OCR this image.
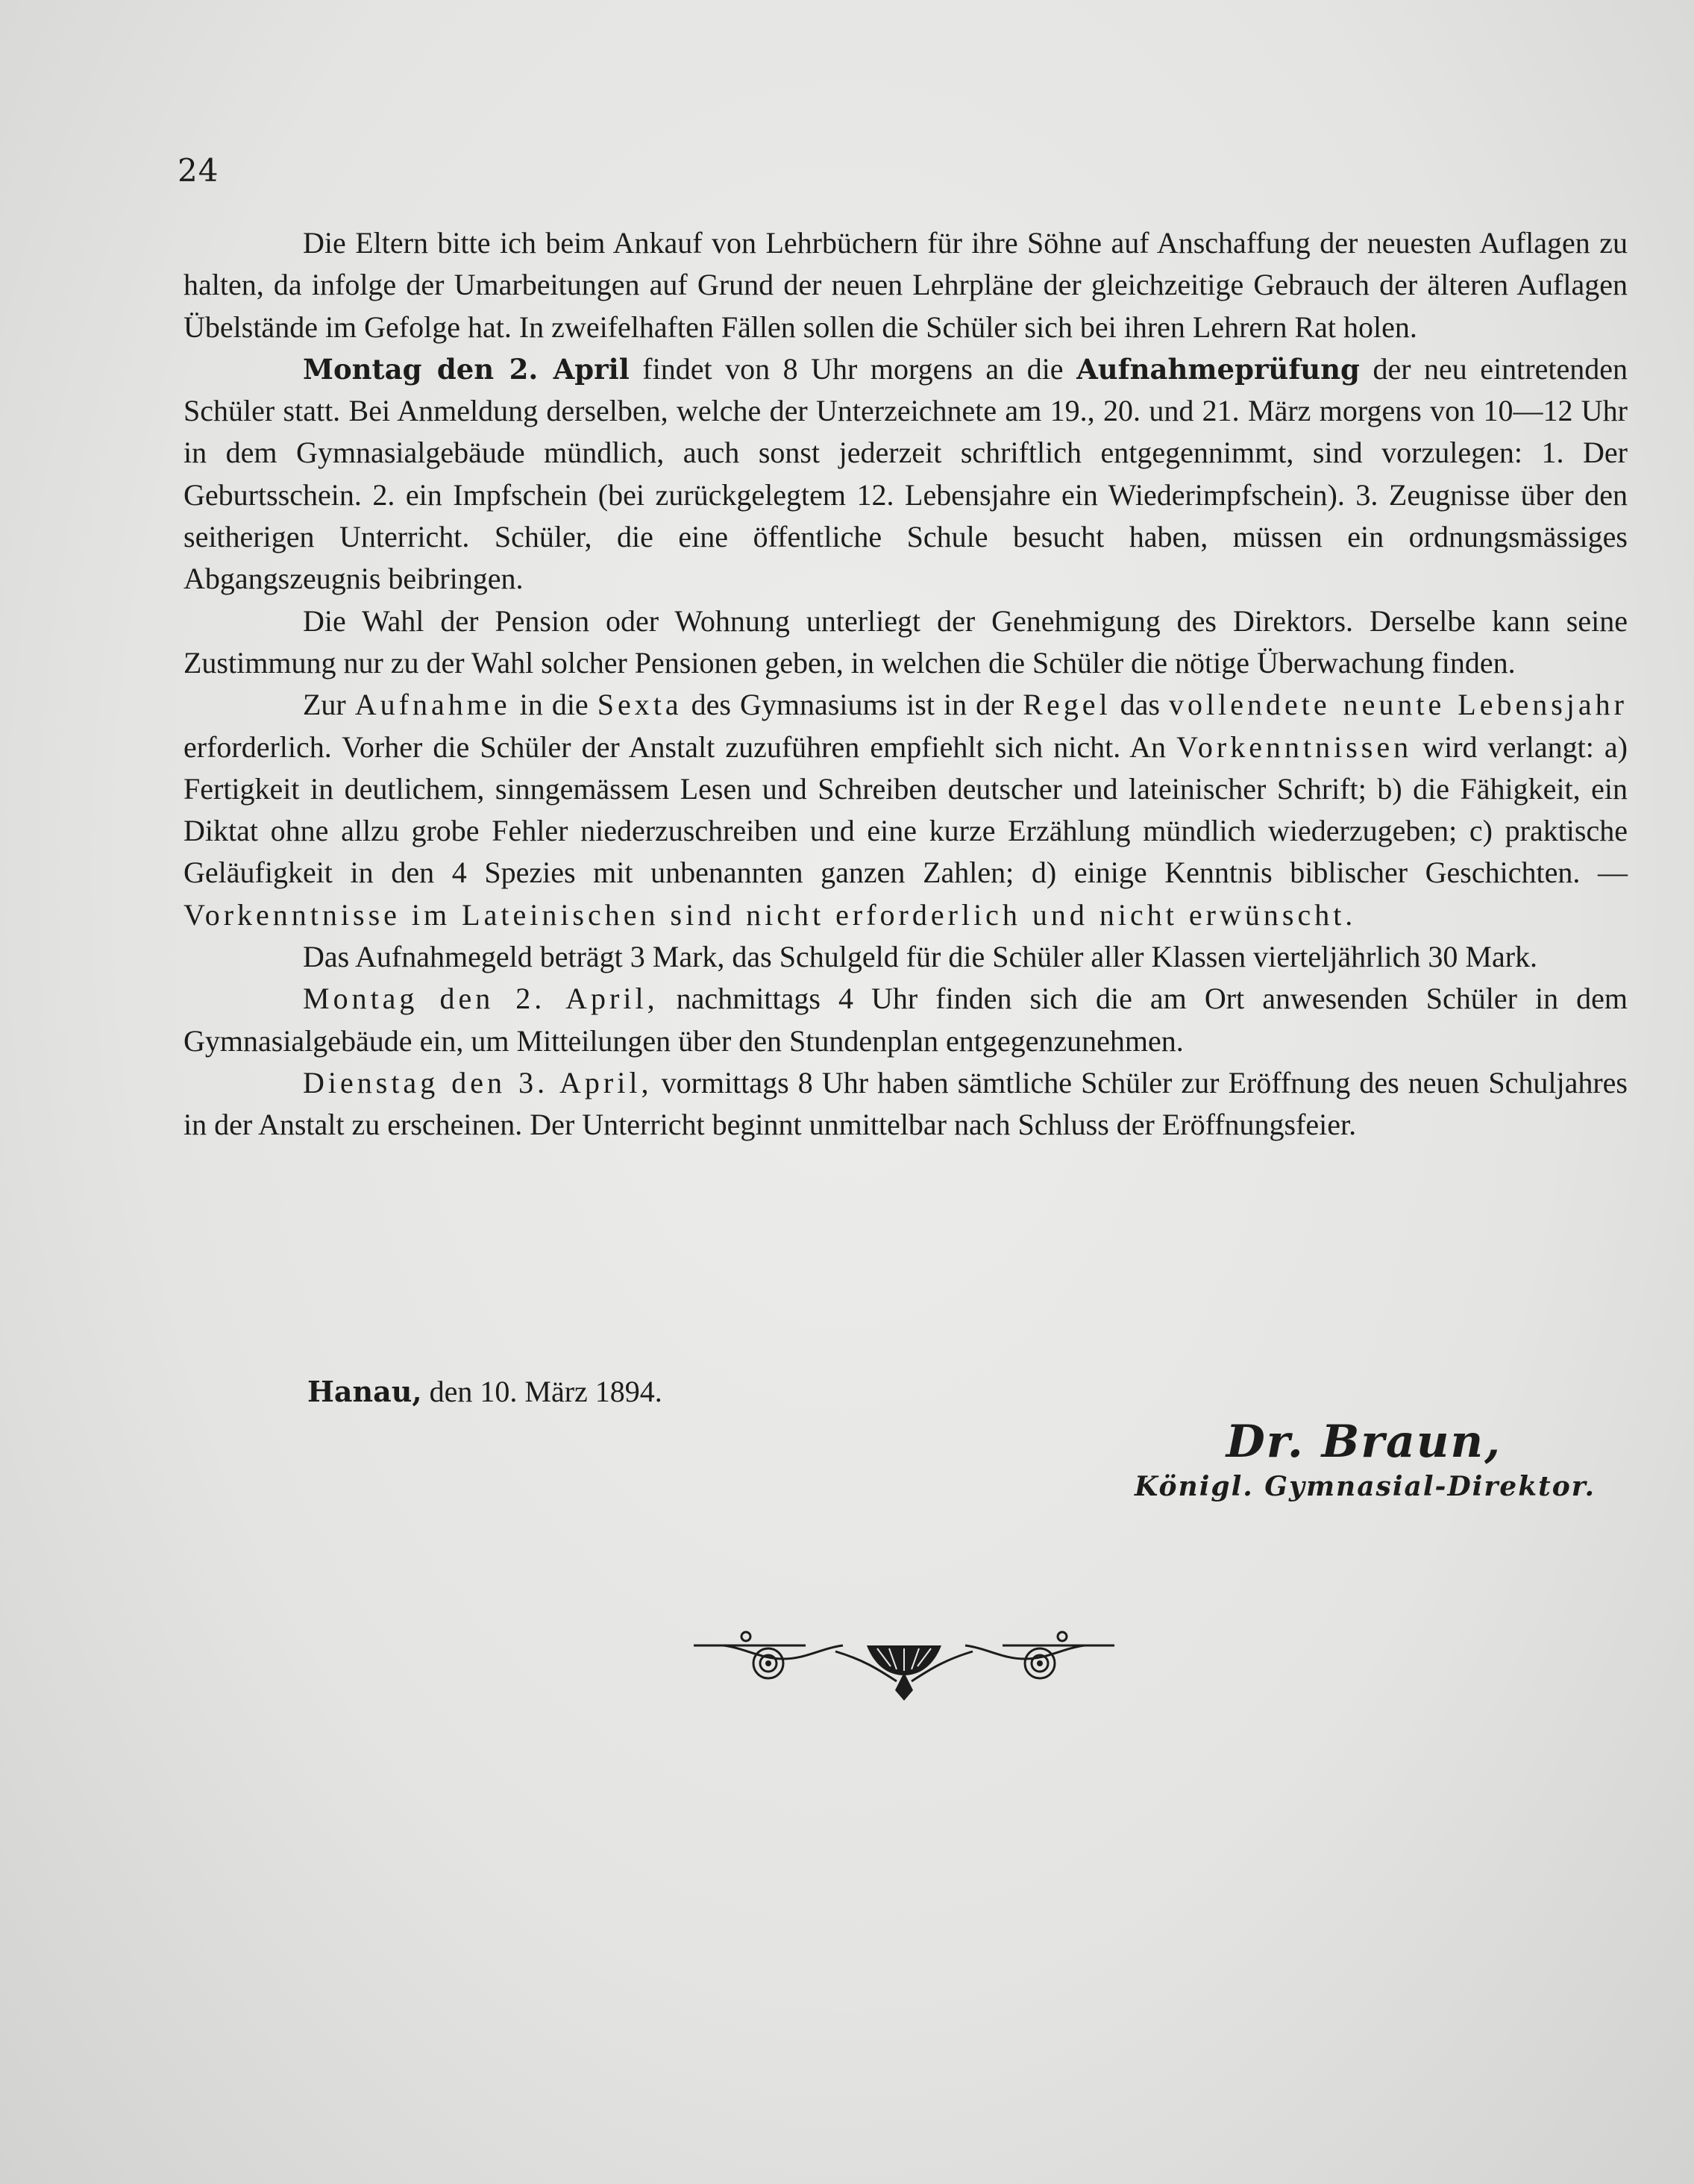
24

Die Eltern bitte ich beim Ankauf von Lehrbüchern für ihre Söhne auf Anschaffung der neuesten Auflagen zu halten, da infolge der Umarbeitungen auf Grund der neuen Lehrpläne der gleichzeitige Gebrauch der älteren Auflagen Übelstände im Gefolge hat. In zweifelhaften Fällen sollen die Schüler sich bei ihren Lehrern Rat holen.

Montag den 2. April findet von 8 Uhr morgens an die Aufnahmeprüfung der neu eintretenden Schüler statt. Bei Anmeldung derselben, welche der Unterzeichnete am 19., 20. und 21. März morgens von 10—12 Uhr in dem Gymnasialgebäude mündlich, auch sonst jederzeit schriftlich entgegennimmt, sind vorzulegen: 1. Der Geburtsschein. 2. ein Impfschein (bei zurückgelegtem 12. Lebensjahre ein Wiederimpfschein). 3. Zeugnisse über den seitherigen Unterricht. Schüler, die eine öffentliche Schule besucht haben, müssen ein ordnungsmässiges Abgangszeugnis beibringen.

Die Wahl der Pension oder Wohnung unterliegt der Genehmigung des Direktors. Derselbe kann seine Zustimmung nur zu der Wahl solcher Pensionen geben, in welchen die Schüler die nötige Überwachung finden.

Zur Aufnahme in die Sexta des Gymnasiums ist in der Regel das vollendete neunte Lebensjahr erforderlich. Vorher die Schüler der Anstalt zuzuführen empfiehlt sich nicht. An Vorkenntnissen wird verlangt: a) Fertigkeit in deutlichem, sinngemässem Lesen und Schreiben deutscher und lateinischer Schrift; b) die Fähigkeit, ein Diktat ohne allzu grobe Fehler niederzuschreiben und eine kurze Erzählung mündlich wiederzugeben; c) praktische Geläufigkeit in den 4 Spezies mit unbenannten ganzen Zahlen; d) einige Kenntnis biblischer Geschichten. — Vorkenntnisse im Lateinischen sind nicht erforderlich und nicht erwünscht.

Das Aufnahmegeld beträgt 3 Mark, das Schulgeld für die Schüler aller Klassen vierteljährlich 30 Mark.

Montag den 2. April, nachmittags 4 Uhr finden sich die am Ort anwesenden Schüler in dem Gymnasialgebäude ein, um Mitteilungen über den Stundenplan entgegenzunehmen.

Dienstag den 3. April, vormittags 8 Uhr haben sämtliche Schüler zur Eröffnung des neuen Schuljahres in der Anstalt zu erscheinen. Der Unterricht beginnt unmittelbar nach Schluss der Eröffnungsfeier.

Hanau, den 10. März 1894.
Dr. Braun,
Königl. Gymnasial-Direktor.
